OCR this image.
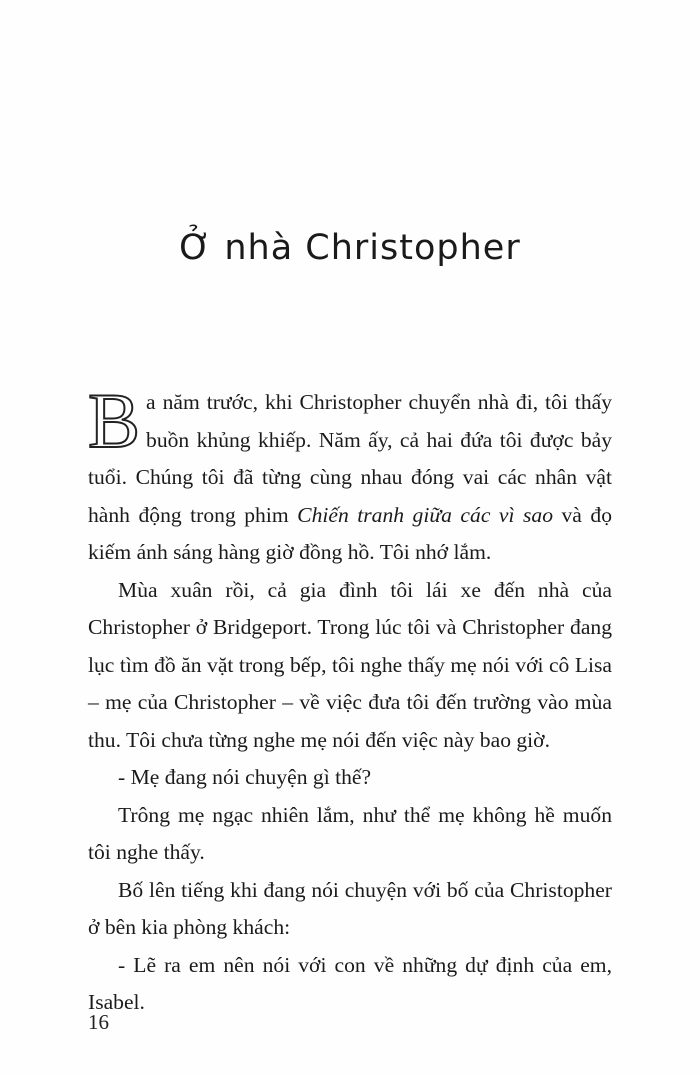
Ở nhà Christopher

Ba năm trước, khi Christopher chuyển nhà đi, tôi thấy buồn khủng khiếp. Năm ấy, cả hai đứa tôi được bảy tuổi. Chúng tôi đã từng cùng nhau đóng vai các nhân vật hành động trong phim Chiến tranh giữa các vì sao và đọ kiếm ánh sáng hàng giờ đồng hồ. Tôi nhớ lắm.

Mùa xuân rồi, cả gia đình tôi lái xe đến nhà của Christopher ở Bridgeport. Trong lúc tôi và Christopher đang lục tìm đồ ăn vặt trong bếp, tôi nghe thấy mẹ nói với cô Lisa – mẹ của Christopher – về việc đưa tôi đến trường vào mùa thu. Tôi chưa từng nghe mẹ nói đến việc này bao giờ.

- Mẹ đang nói chuyện gì thế?

Trông mẹ ngạc nhiên lắm, như thể mẹ không hề muốn tôi nghe thấy.

Bố lên tiếng khi đang nói chuyện với bố của Christopher ở bên kia phòng khách:

- Lẽ ra em nên nói với con về những dự định của em, Isabel.

16
